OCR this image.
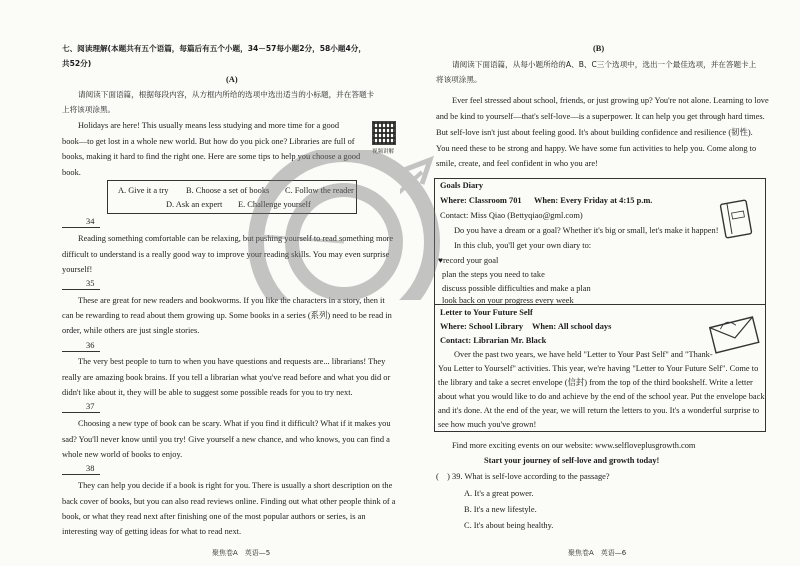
七、阅读理解(本题共有五个语篇，每篇后有五个小题，34－57每小题2分，58小题4分，
共52分)
(A)
请阅读下面语篇，根据每段内容，从方框内所给的选项中选出适当的小标题，并在答题卡
上将该项涂黑。
Holidays are here! This usually means less studying and more time for a good
book—to get lost in a whole new world. But how do you pick one? Libraries are full of
books, making it hard to find the right one. Here are some tips to help you choose a good
book.
视频讲解
A. Give it a try B. Choose a set of books C. Follow the reader
D. Ask an expert E. Challenge yourself
34
Reading something comfortable can be relaxing, but pushing yourself to read something more
difficult to understand is a really good way to improve your reading skills. You may even surprise
yourself!
35
These are great for new readers and bookworms. If you like the characters in a story, then it
can be rewarding to read about them growing up. Some books in a series (系列) need to be read in
order, while others are just single stories.
36
The very best people to turn to when you have questions and requests are... librarians! They
really are amazing book brains. If you tell a librarian what you've read before and what you did or
didn't like about it, they will be able to suggest some possible reads for you to try next.
37
Choosing a new type of book can be scary. What if you find it difficult? What if it makes you
sad? You'll never know until you try! Give yourself a new chance, and who knows, you can find a
whole new world of books to enjoy.
38
They can help you decide if a book is right for you. There is usually a short description on the
back cover of books, but you can also read reviews online. Finding out what other people think of a
book, or what they read next after finishing one of the most popular authors or series, is an
interesting way of getting ideas for what to read next.
聚焦卷A　英语—5
(B)
请阅读下面语篇，从每小题所给的A、B、C三个选项中，选出一个最佳选项，并在答题卡上
将该项涂黑。
Ever feel stressed about school, friends, or just growing up? You're not alone. Learning to love
and be kind to yourself—that's self-love—is a superpower. It can help you get through hard times.
But self-love isn't just about feeling good. It's about building confidence and resilience (韧性).
You need these to be strong and happy. We have some fun activities to help you. Come along to
smile, create, and feel confident in who you are!
Goals Diary
Where: Classroom 701 When: Every Friday at 4:15 p.m.
Contact: Miss Qiao (Bettyqiao@gml.com)
Do you have a dream or a goal? Whether it's big or small, let's make it happen!
In this club, you'll get your own diary to:
♥record your goal
plan the steps you need to take
discuss possible difficulties and make a plan
look back on your progress every week
Letter to Your Future Self
Where: School Library When: All school days
Contact: Librarian Mr. Black
Over the past two years, we have held "Letter to Your Past Self" and "Thank-
You Letter to Yourself" activities. This year, we're having "Letter to Your Future Self". Come to
the library and take a secret envelope (信封) from the top of the third bookshelf. Write a letter
about what you would like to do and achieve by the end of the school year. Put the envelope back
and it's done. At the end of the year, we will return the letters to you. It's a wonderful surprise to
see how much you've grown!
Find more exciting events on our website: www.selfloveplusgrowth.com
Start your journey of self-love and growth today!
(　) 39. What is self-love according to the passage?
A. It's a great power.
B. It's a new lifestyle.
C. It's about being healthy.
聚焦卷A　英语—6
